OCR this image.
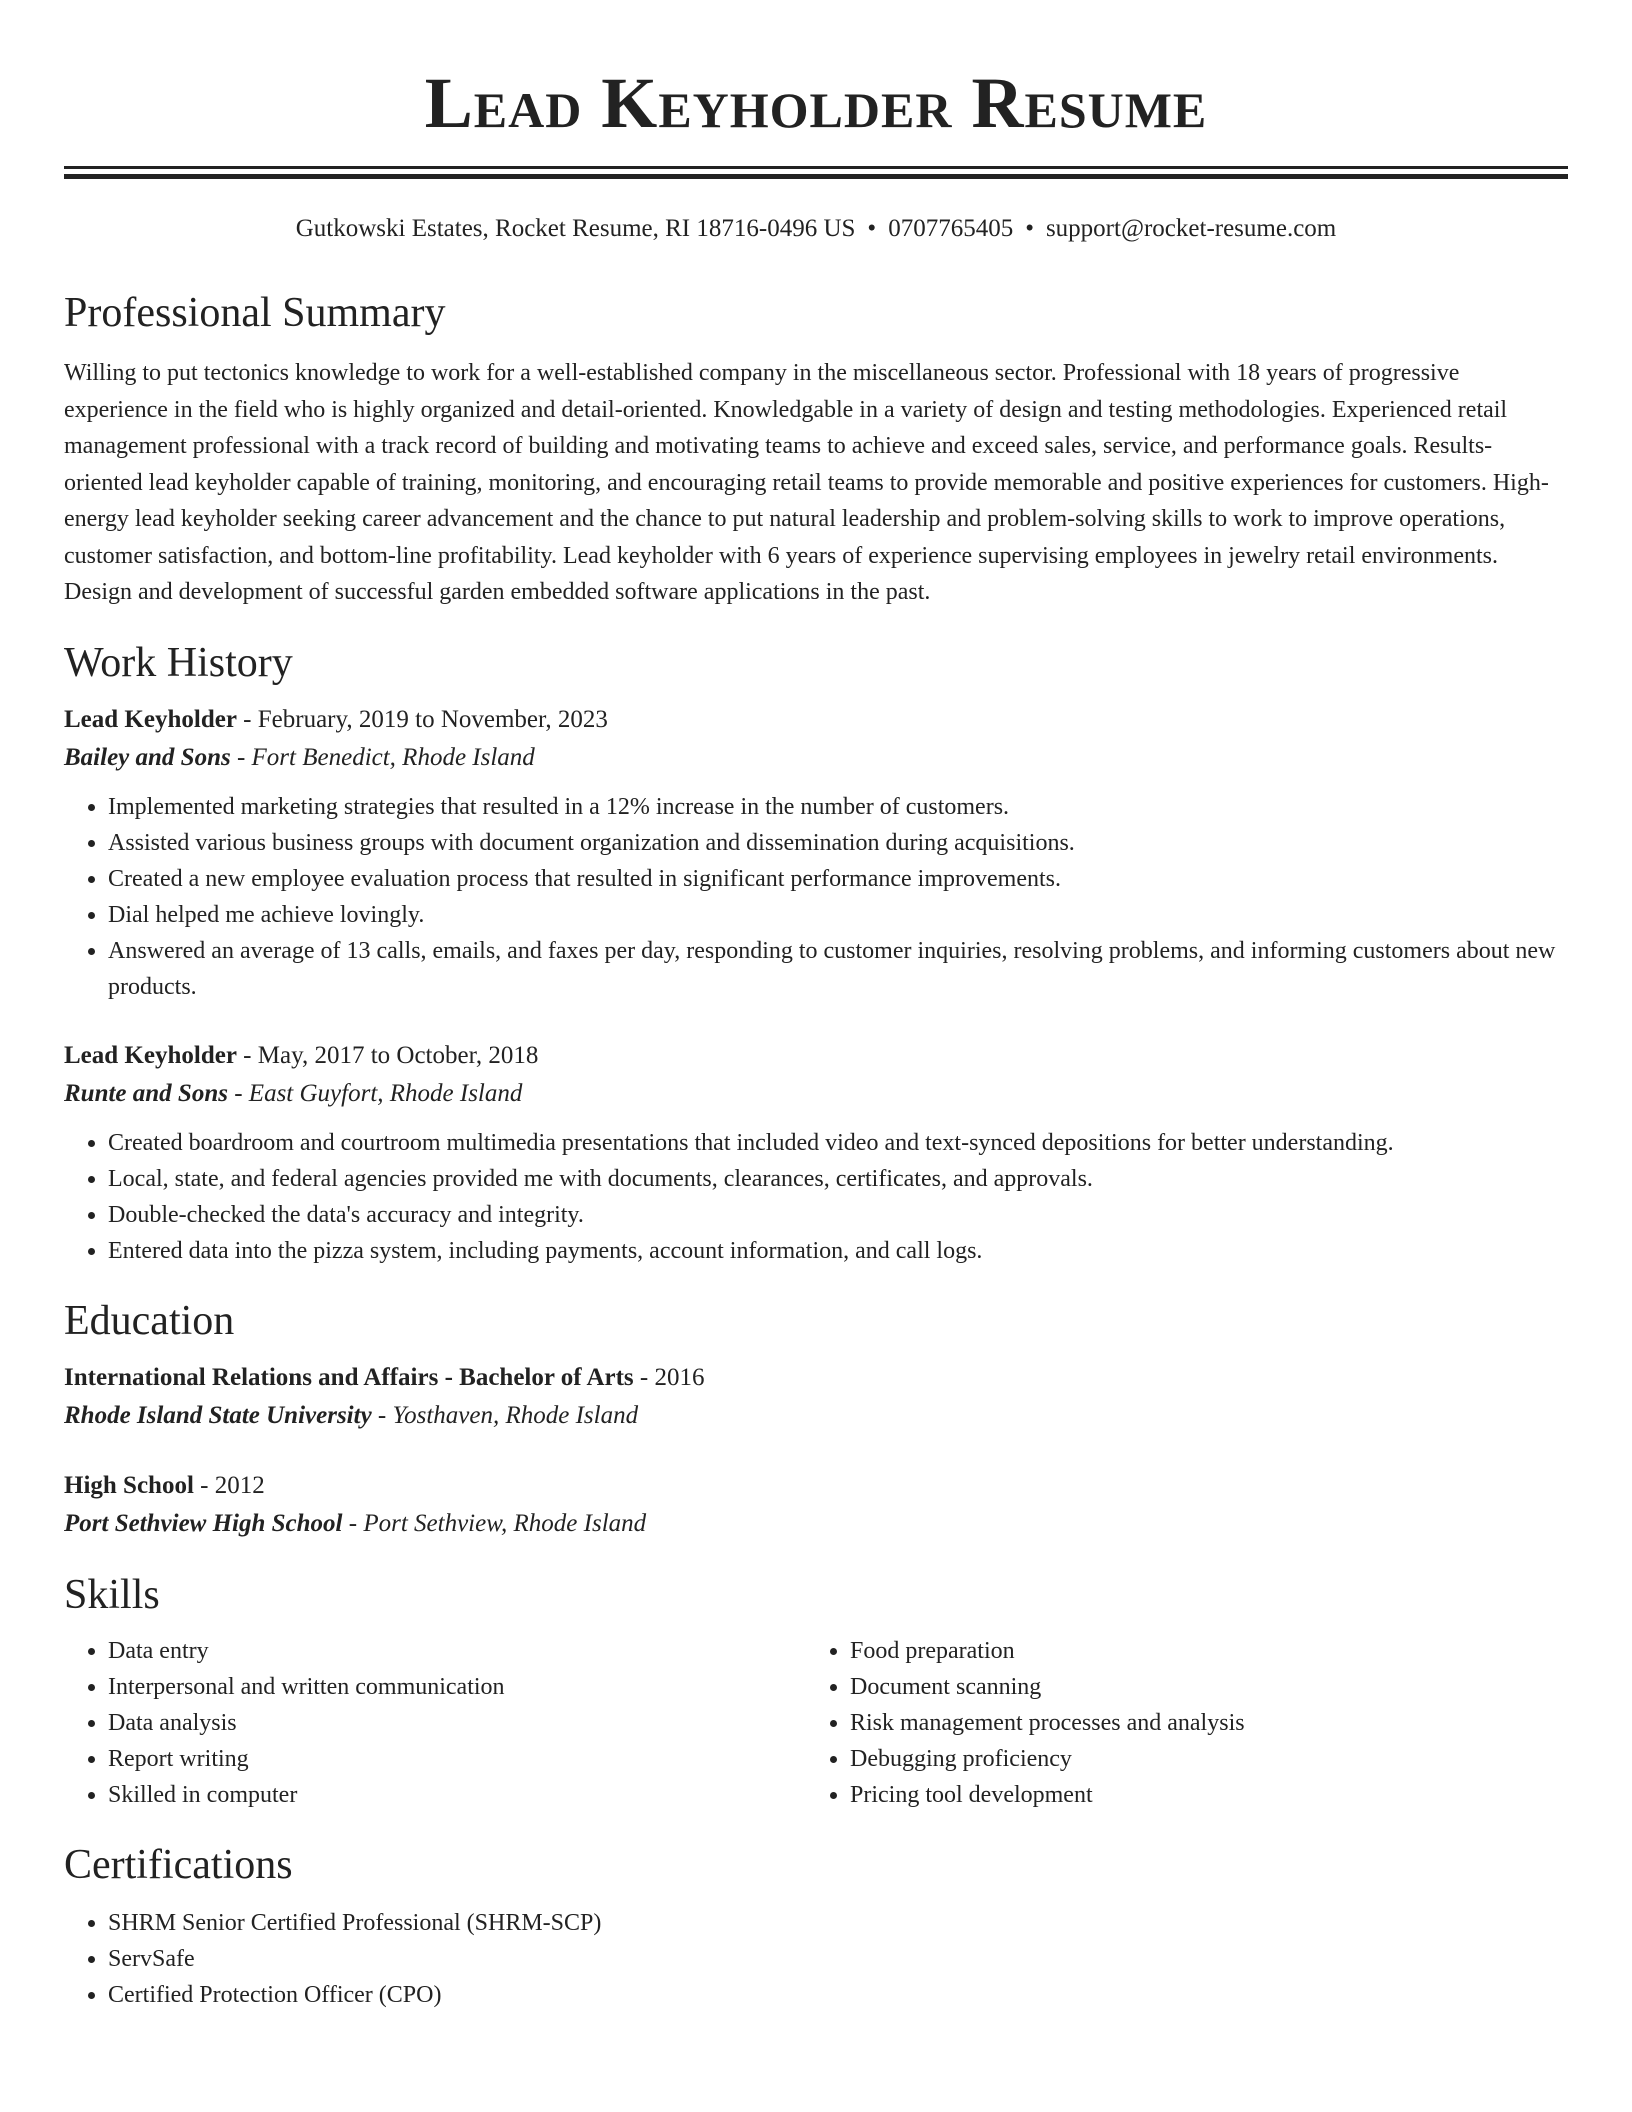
Lead Keyholder Resume
Gutkowski Estates, Rocket Resume, RI 18716-0496 US • 0707765405 • support@rocket-resume.com
Professional Summary
Willing to put tectonics knowledge to work for a well-established company in the miscellaneous sector. Professional with 18 years of progressive experience in the field who is highly organized and detail-oriented. Knowledgable in a variety of design and testing methodologies. Experienced retail management professional with a track record of building and motivating teams to achieve and exceed sales, service, and performance goals. Results-oriented lead keyholder capable of training, monitoring, and encouraging retail teams to provide memorable and positive experiences for customers. High-energy lead keyholder seeking career advancement and the chance to put natural leadership and problem-solving skills to work to improve operations, customer satisfaction, and bottom-line profitability. Lead keyholder with 6 years of experience supervising employees in jewelry retail environments. Design and development of successful garden embedded software applications in the past.
Work History
Lead Keyholder - February, 2019 to November, 2023
Bailey and Sons - Fort Benedict, Rhode Island
• Implemented marketing strategies that resulted in a 12% increase in the number of customers.
• Assisted various business groups with document organization and dissemination during acquisitions.
• Created a new employee evaluation process that resulted in significant performance improvements.
• Dial helped me achieve lovingly.
• Answered an average of 13 calls, emails, and faxes per day, responding to customer inquiries, resolving problems, and informing customers about new products.
Lead Keyholder - May, 2017 to October, 2018
Runte and Sons - East Guyfort, Rhode Island
• Created boardroom and courtroom multimedia presentations that included video and text-synced depositions for better understanding.
• Local, state, and federal agencies provided me with documents, clearances, certificates, and approvals.
• Double-checked the data's accuracy and integrity.
• Entered data into the pizza system, including payments, account information, and call logs.
Education
International Relations and Affairs - Bachelor of Arts - 2016
Rhode Island State University - Yosthaven, Rhode Island
High School - 2012
Port Sethview High School - Port Sethview, Rhode Island
Skills
• Data entry
• Interpersonal and written communication
• Data analysis
• Report writing
• Skilled in computer
• Food preparation
• Document scanning
• Risk management processes and analysis
• Debugging proficiency
• Pricing tool development
Certifications
• SHRM Senior Certified Professional (SHRM-SCP)
• ServSafe
• Certified Protection Officer (CPO)
